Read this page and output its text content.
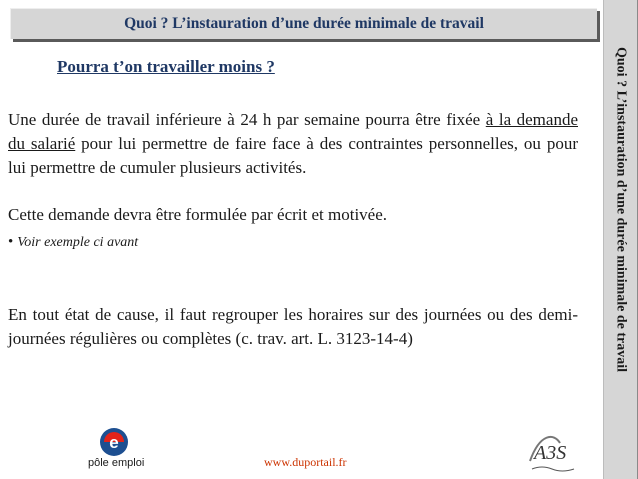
Quoi ? L’instauration d’une durée minimale de travail
Pourra t’on travailler moins ?
Une durée de travail inférieure à 24 h par semaine pourra être fixée à la demande du salarié pour lui permettre de faire face à des contraintes personnelles, ou pour lui permettre de cumuler plusieurs activités.
Cette demande devra être formulée par écrit et motivée.
• Voir exemple ci avant
En tout état de cause, il faut regrouper les horaires sur des journées ou des demi-journées régulières ou complètes (c. trav. art. L. 3123-14-4)	Quoi ? L’instauration d’une durée minimale de travail
e
pôle emploi	www.duportail.fr	A3S
